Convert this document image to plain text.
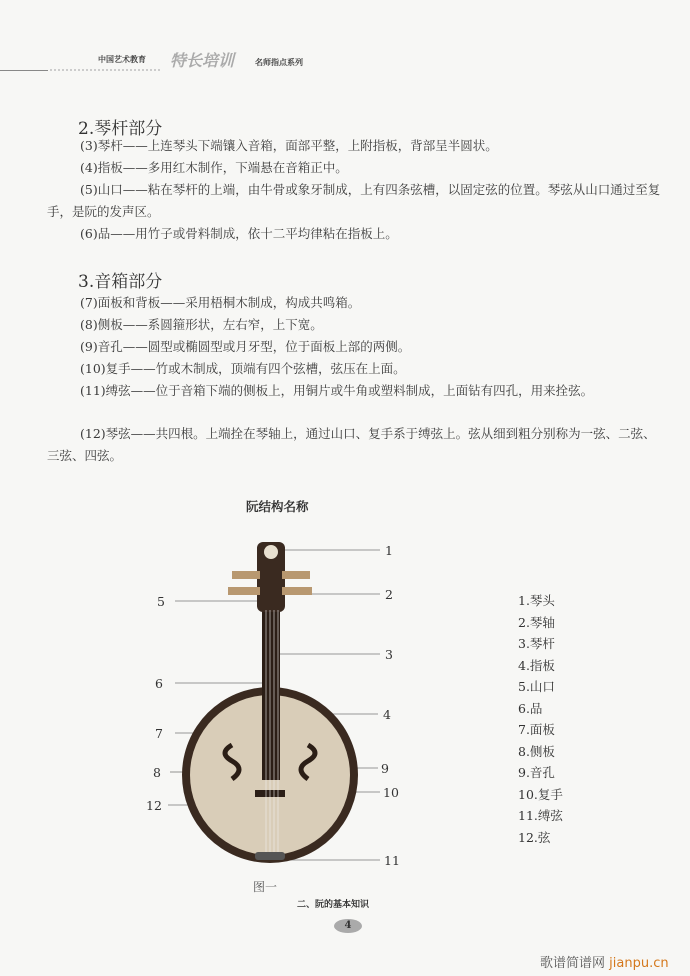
中国艺术教育 特长培训	名师指点系列
2.琴杆部分
(3)琴杆——上连琴头下端镶入音箱，面部平整，上附指板，背部呈半圆状。
(4)指板——多用红木制作，下端悬在音箱正中。
(5)山口——粘在琴杆的上端，由牛骨或象牙制成，上有四条弦槽，以固定弦的位置。琴弦从山口通过至复手，是阮的发声区。
(6)品——用竹子或骨料制成，依十二平均律粘在指板上。
3.音箱部分
(7)面板和背板——采用梧桐木制成，构成共鸣箱。
(8)侧板——系圆箍形状，左右窄，上下宽。
(9)音孔——圆型或椭圆型或月牙型，位于面板上部的两侧。
(10)复手——竹或木制成，顶端有四个弦槽，弦压在上面。
(11)缚弦——位于音箱下端的侧板上，用铜片或牛角或塑料制成，上面钻有四孔，用来拴弦。
(12)琴弦——共四根。上端拴在琴轴上，通过山口、复手系于缚弦上。弦从细到粗分别称为一弦、二弦、三弦、四弦。
阮结构名称
1
2
3
4
5
6
7
8	9
10
11
12
1.琴头
2.琴轴
3.琴杆
4.指板
5.山口
6.品
7.面板
8.侧板
9.音孔
10.复手
11.缚弦
12.弦
图一
二、阮的基本知识
4
歌谱简谱网 jianpu.cn
